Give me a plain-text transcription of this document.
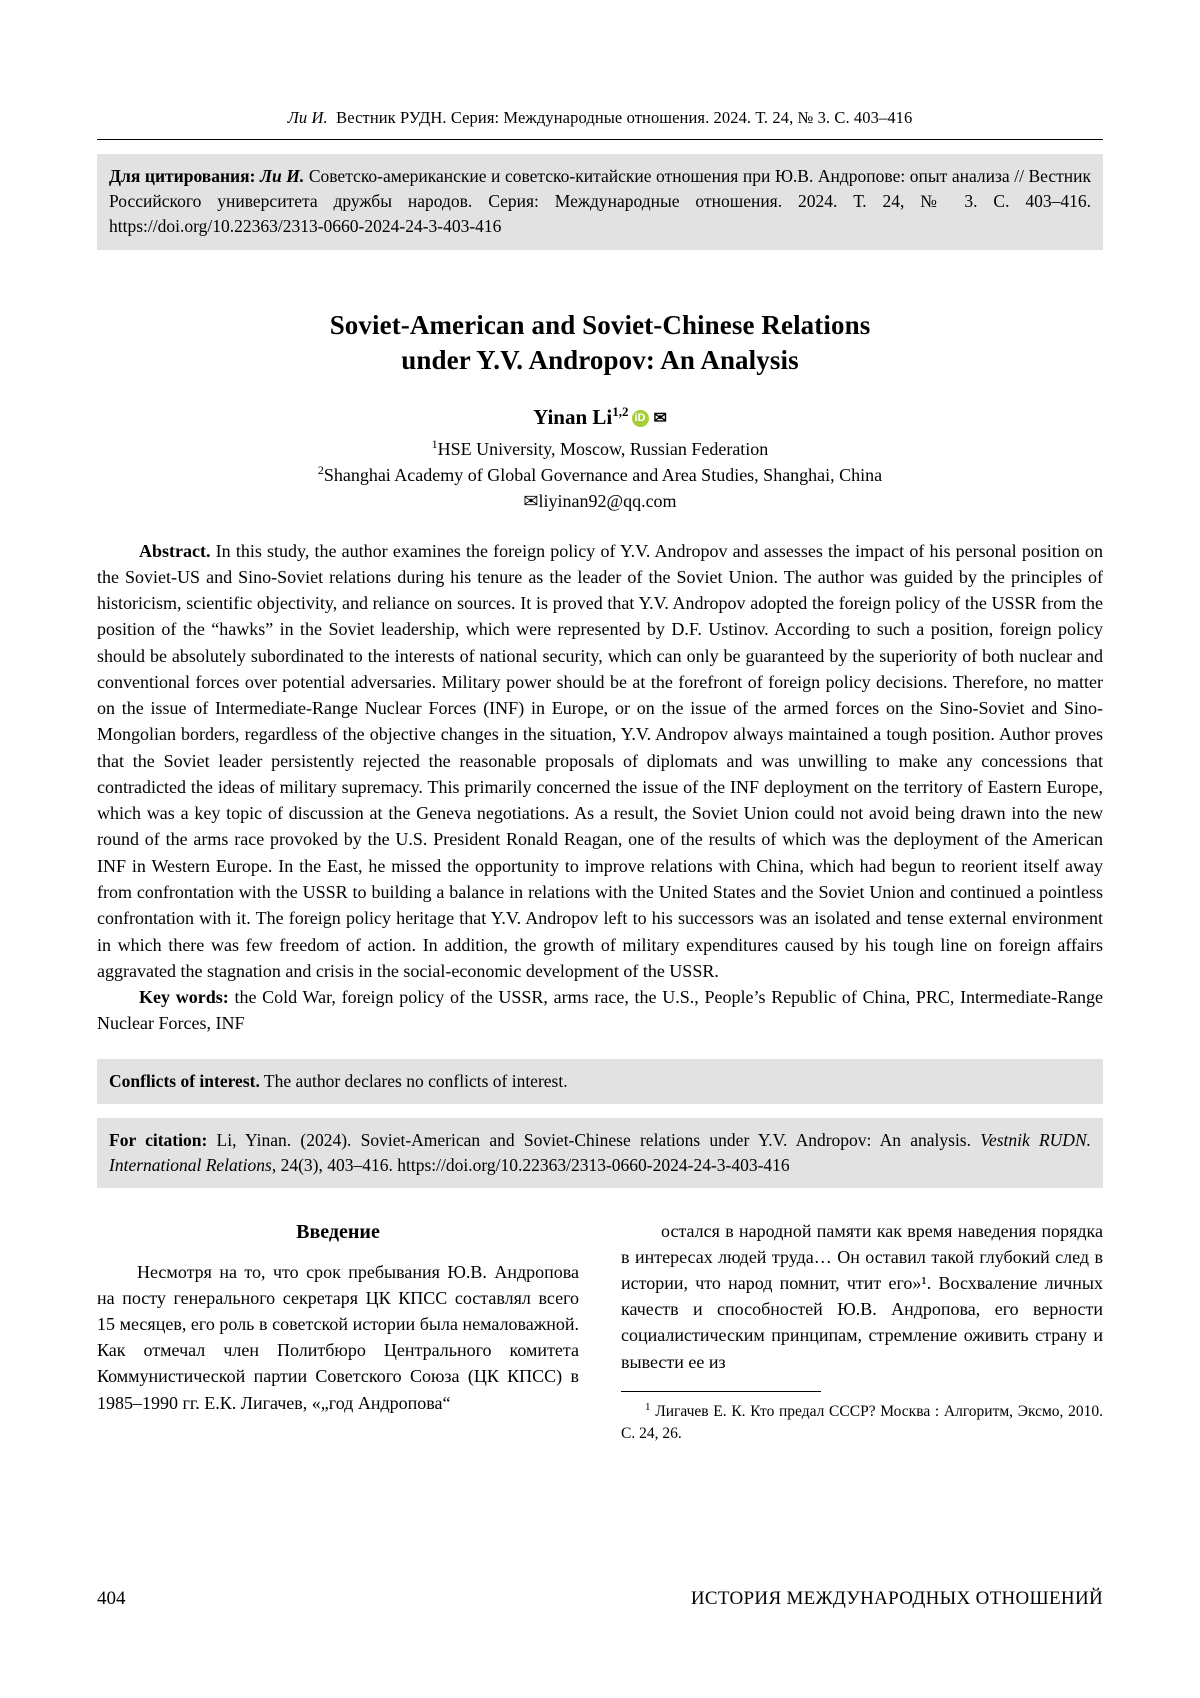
Ли И. Вестник РУДН. Серия: Международные отношения. 2024. Т. 24, № 3. С. 403–416
Для цитирования: Ли И. Советско-американские и советско-китайские отношения при Ю.В. Андропове: опыт анализа // Вестник Российского университета дружбы народов. Серия: Международные отношения. 2024. Т. 24, № 3. С. 403–416. https://doi.org/10.22363/2313-0660-2024-24-3-403-416
Soviet-American and Soviet-Chinese Relations
under Y.V. Andropov: An Analysis
Yinan Li$^{1,2}$ iD ✉
$^1$HSE University, Moscow, Russian Federation
$^2$Shanghai Academy of Global Governance and Area Studies, Shanghai, China
✉liyinan92@qq.com

Abstract. In this study, the author examines the foreign policy of Y.V. Andropov and assesses the impact of his personal position on the Soviet-US and Sino-Soviet relations during his tenure as the leader of the Soviet Union. The author was guided by the principles of historicism, scientific objectivity, and reliance on sources. It is proved that Y.V. Andropov adopted the foreign policy of the USSR from the position of the “hawks” in the Soviet leadership, which were represented by D.F. Ustinov. According to such a position, foreign policy should be absolutely subordinated to the interests of national security, which can only be guaranteed by the superiority of both nuclear and conventional forces over potential adversaries. Military power should be at the forefront of foreign policy decisions. Therefore, no matter on the issue of Intermediate-Range Nuclear Forces (INF) in Europe, or on the issue of the armed forces on the Sino-Soviet and Sino-Mongolian borders, regardless of the objective changes in the situation, Y.V. Andropov always maintained a tough position. Author proves that the Soviet leader persistently rejected the reasonable proposals of diplomats and was unwilling to make any concessions that contradicted the ideas of military supremacy. This primarily concerned the issue of the INF deployment on the territory of Eastern Europe, which was a key topic of discussion at the Geneva negotiations. As a result, the Soviet Union could not avoid being drawn into the new round of the arms race provoked by the U.S. President Ronald Reagan, one of the results of which was the deployment of the American INF in Western Europe. In the East, he missed the opportunity to improve relations with China, which had begun to reorient itself away from confrontation with the USSR to building a balance in relations with the United States and the Soviet Union and continued a pointless confrontation with it. The foreign policy heritage that Y.V. Andropov left to his successors was an isolated and tense external environment in which there was few freedom of action. In addition, the growth of military expenditures caused by his tough line on foreign affairs aggravated the stagnation and crisis in the social-economic development of the USSR.

Key words: the Cold War, foreign policy of the USSR, arms race, the U.S., People’s Republic of China, PRC, Intermediate-Range Nuclear Forces, INF

Conflicts of interest. The author declares no conflicts of interest.
For citation: Li, Yinan. (2024). Soviet-American and Soviet-Chinese relations under Y.V. Andropov: An analysis. Vestnik RUDN. International Relations, 24(3), 403–416. https://doi.org/10.22363/2313-0660-2024-24-3-403-416
Введение

Несмотря на то, что срок пребывания Ю.В. Андропова на посту генерального секретаря ЦК КПСС составлял всего 15 месяцев, его роль в советской истории была немаловажной. Как отмечал член Политбюро Центрального комитета Коммунистической партии Советского Союза (ЦК КПСС) в 1985–1990 гг. Е.К. Лигачев, «„год Андропова“

остался в народной памяти как время наведения порядка в интересах людей труда… Он оставил такой глубокий след в истории, что народ помнит, чтит его»¹. Восхваление личных качеств и способностей Ю.В. Андропова, его верности социалистическим принципам, стремление оживить страну и вывести ее из

$^1$ Лигачев Е. К. Кто предал СССР? Москва : Алгоритм, Эксмо, 2010. С. 24, 26.
404	ИСТОРИЯ МЕЖДУНАРОДНЫХ ОТНОШЕНИЙ
